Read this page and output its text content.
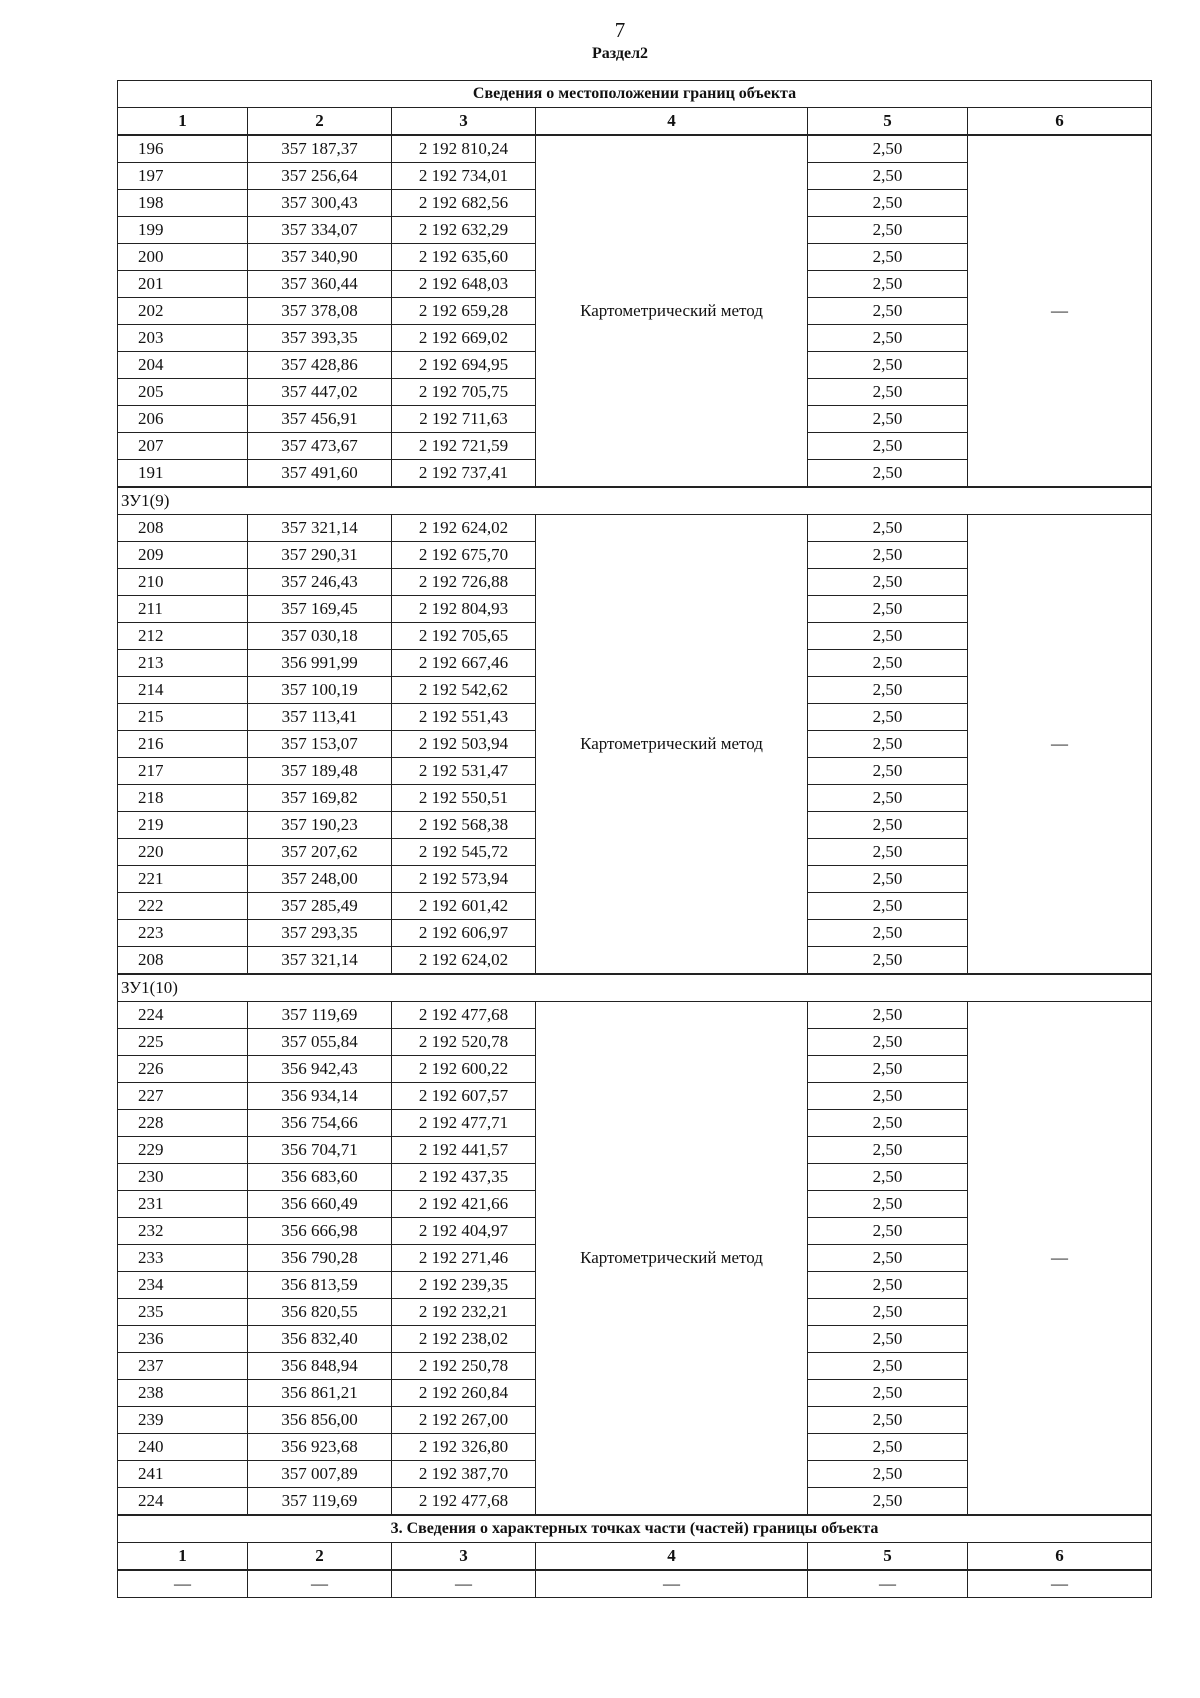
7
Раздел2
Сведения о местоположении границ объекта					
1	2	3	4	5	6
196	357 187,37	2 192 810,24	Картометрический метод	2,50	—
197	357 256,64	2 192 734,01		2,50	
198	357 300,43	2 192 682,56		2,50	
199	357 334,07	2 192 632,29		2,50	
200	357 340,90	2 192 635,60		2,50	
201	357 360,44	2 192 648,03		2,50	
202	357 378,08	2 192 659,28		2,50	
203	357 393,35	2 192 669,02		2,50	
204	357 428,86	2 192 694,95		2,50	
205	357 447,02	2 192 705,75		2,50	
206	357 456,91	2 192 711,63		2,50	
207	357 473,67	2 192 721,59		2,50	
191	357 491,60	2 192 737,41		2,50	
ЗУ1(9)					
208	357 321,14	2 192 624,02	Картометрический метод	2,50	—
209	357 290,31	2 192 675,70		2,50	
210	357 246,43	2 192 726,88		2,50	
211	357 169,45	2 192 804,93		2,50	
212	357 030,18	2 192 705,65		2,50	
213	356 991,99	2 192 667,46		2,50	
214	357 100,19	2 192 542,62		2,50	
215	357 113,41	2 192 551,43		2,50	
216	357 153,07	2 192 503,94		2,50	
217	357 189,48	2 192 531,47		2,50	
218	357 169,82	2 192 550,51		2,50	
219	357 190,23	2 192 568,38		2,50	
220	357 207,62	2 192 545,72		2,50	
221	357 248,00	2 192 573,94		2,50	
222	357 285,49	2 192 601,42		2,50	
223	357 293,35	2 192 606,97		2,50	
208	357 321,14	2 192 624,02		2,50	
ЗУ1(10)					
224	357 119,69	2 192 477,68	Картометрический метод	2,50	—
225	357 055,84	2 192 520,78		2,50	
226	356 942,43	2 192 600,22		2,50	
227	356 934,14	2 192 607,57		2,50	
228	356 754,66	2 192 477,71		2,50	
229	356 704,71	2 192 441,57		2,50	
230	356 683,60	2 192 437,35		2,50	
231	356 660,49	2 192 421,66		2,50	
232	356 666,98	2 192 404,97		2,50	
233	356 790,28	2 192 271,46		2,50	
234	356 813,59	2 192 239,35		2,50	
235	356 820,55	2 192 232,21		2,50	
236	356 832,40	2 192 238,02		2,50	
237	356 848,94	2 192 250,78		2,50	
238	356 861,21	2 192 260,84		2,50	
239	356 856,00	2 192 267,00		2,50	
240	356 923,68	2 192 326,80		2,50	
241	357 007,89	2 192 387,70		2,50	
224	357 119,69	2 192 477,68		2,50	
3. Сведения о характерных точках части (частей) границы объекта					
1	2	3	4	5	6
—	—	—	—	—	—
